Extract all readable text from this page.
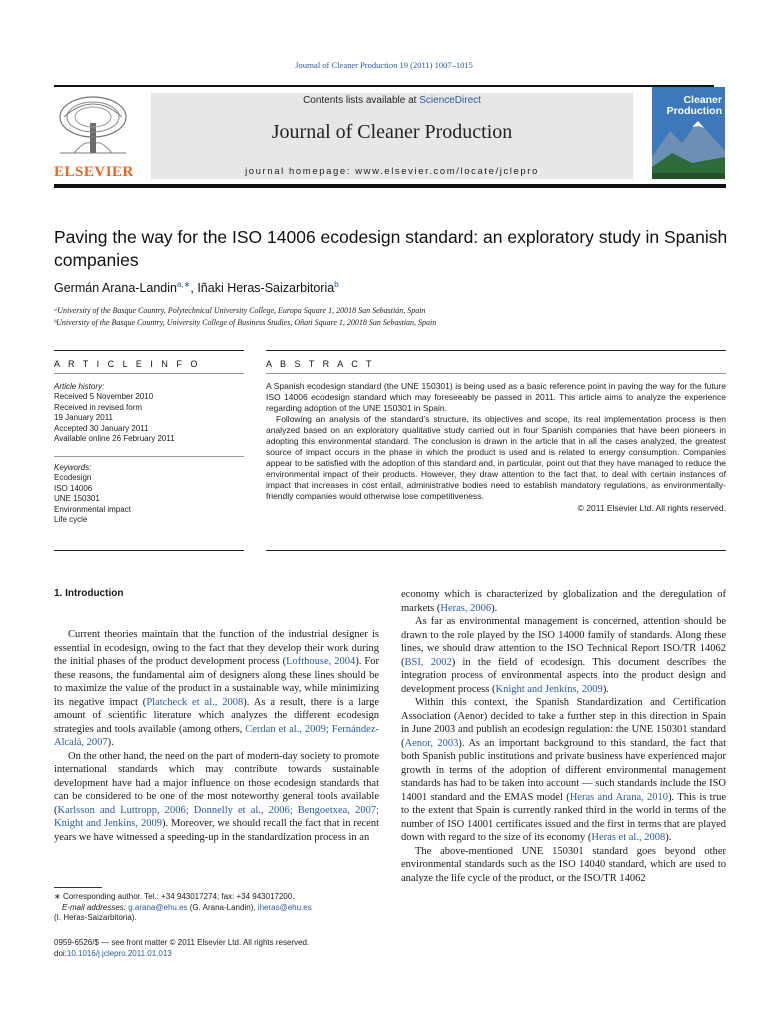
Journal of Cleaner Production 19 (2011) 1007–1015
ELSEVIER
Contents lists available at ScienceDirect
Journal of Cleaner Production
journal homepage: www.elsevier.com/locate/jclepro
Cleaner
Production
Paving the way for the ISO 14006 ecodesign standard: an exploratory study in Spanish companies
Germán Arana-Landin$^{a,∗}$, Iñaki Heras-Saizarbitoria$^b$
ᵃUniversity of the Basque Country, Polytechnical University College, Europa Square 1, 20018 San Sebastián, Spain
ᵇUniversity of the Basque Country, University College of Business Studies, Oñati Square 1, 20018 San Sebastian, Spain
A R T I C L E I N F O	A B S T R A C T
Article history:
Received 5 November 2010
Received in revised form
19 January 2011
Accepted 30 January 2011
Available online 26 February 2011
Keywords:
Ecodesign
ISO 14006
UNE 150301
Environmental impact
Life cycle

A Spanish ecodesign standard (the UNE 150301) is being used as a basic reference point in paving the way for the future ISO 14006 ecodesign standard which may foreseeably be passed in 2011. This article aims to analyze the experience regarding adoption of the UNE 150301 in Spain.

Following an analysis of the standard’s structure, its objectives and scope, its real implementation process is then analyzed based on an exploratory qualitative study carried out in four Spanish companies that have been pioneers in adopting this environmental standard. The conclusion is drawn in the article that in all the cases analyzed, the greatest source of impact occurs in the phase in which the product is used and is related to energy consumption. Companies appear to be satisfied with the adoption of this standard and, in particular, point out that they have managed to reduce the environmental impact of their products. However, they draw attention to the fact that, to deal with certain instances of impact that increases in cost entail, administrative bodies need to establish mandatory regulations, as environmentally-friendly companies would otherwise lose competitiveness.

© 2011 Elsevier Ltd. All rights reserved.
1. Introduction

Current theories maintain that the function of the industrial designer is essential in ecodesign, owing to the fact that they develop their work during the initial phases of the product development process (Lofthouse, 2004). For these reasons, the fundamental aim of designers along these lines should be to maximize the value of the product in a sustainable way, while minimizing its negative impact (Platcheck et al., 2008). As a result, there is a large amount of scientific literature which analyzes the different ecodesign strategies and tools available (among others, Cerdan et al., 2009; Fernández-Alcalá, 2007).

On the other hand, the need on the part of modern-day society to promote international standards which may contribute towards sustainable development have had a major influence on those ecodesign standards that can be considered to be one of the most noteworthy general tools available (Karlsson and Luttropp, 2006; Donnelly et al., 2006; Bengoetxea, 2007; Knight and Jenkins, 2009). Moreover, we should recall the fact that in recent years we have witnessed a speeding-up in the standardization process in an

economy which is characterized by globalization and the deregulation of markets (Heras, 2006).

As far as environmental management is concerned, attention should be drawn to the role played by the ISO 14000 family of standards. Along these lines, we should draw attention to the ISO Technical Report ISO/TR 14062 (BSI, 2002) in the field of ecodesign. This document describes the integration process of environmental aspects into the product design and development process (Knight and Jenkins, 2009).

Within this context, the Spanish Standardization and Certification Association (Aenor) decided to take a further step in this direction in Spain in June 2003 and publish an ecodesign regulation: the UNE 150301 standard (Aenor, 2003). As an important background to this standard, the fact that both Spanish public institutions and private business have experienced major growth in terms of the adoption of different environmental management standards has had to be taken into account — such standards include the ISO 14001 standard and the EMAS model (Heras and Arana, 2010). This is true to the extent that Spain is currently ranked third in the world in terms of the number of ISO 14001 certificates issued and the first in terms that are played down with regard to the size of its economy (Heras et al., 2008).

The above-mentioned UNE 150301 standard goes beyond other environmental standards such as the ISO 14040 standard, which are used to analyze the life cycle of the product, or the ISO/TR 14062

∗ Corresponding author. Tel.: +34 943017274; fax: +34 943017200.
E-mail addresses: g.arana@ehu.es (G. Arana-Landin), iheras@ehu.es
(I. Heras-Saizarbitoria).
0959-6526/$ — see front matter © 2011 Elsevier Ltd. All rights reserved.
doi:10.1016/j.jclepro.2011.01.013
